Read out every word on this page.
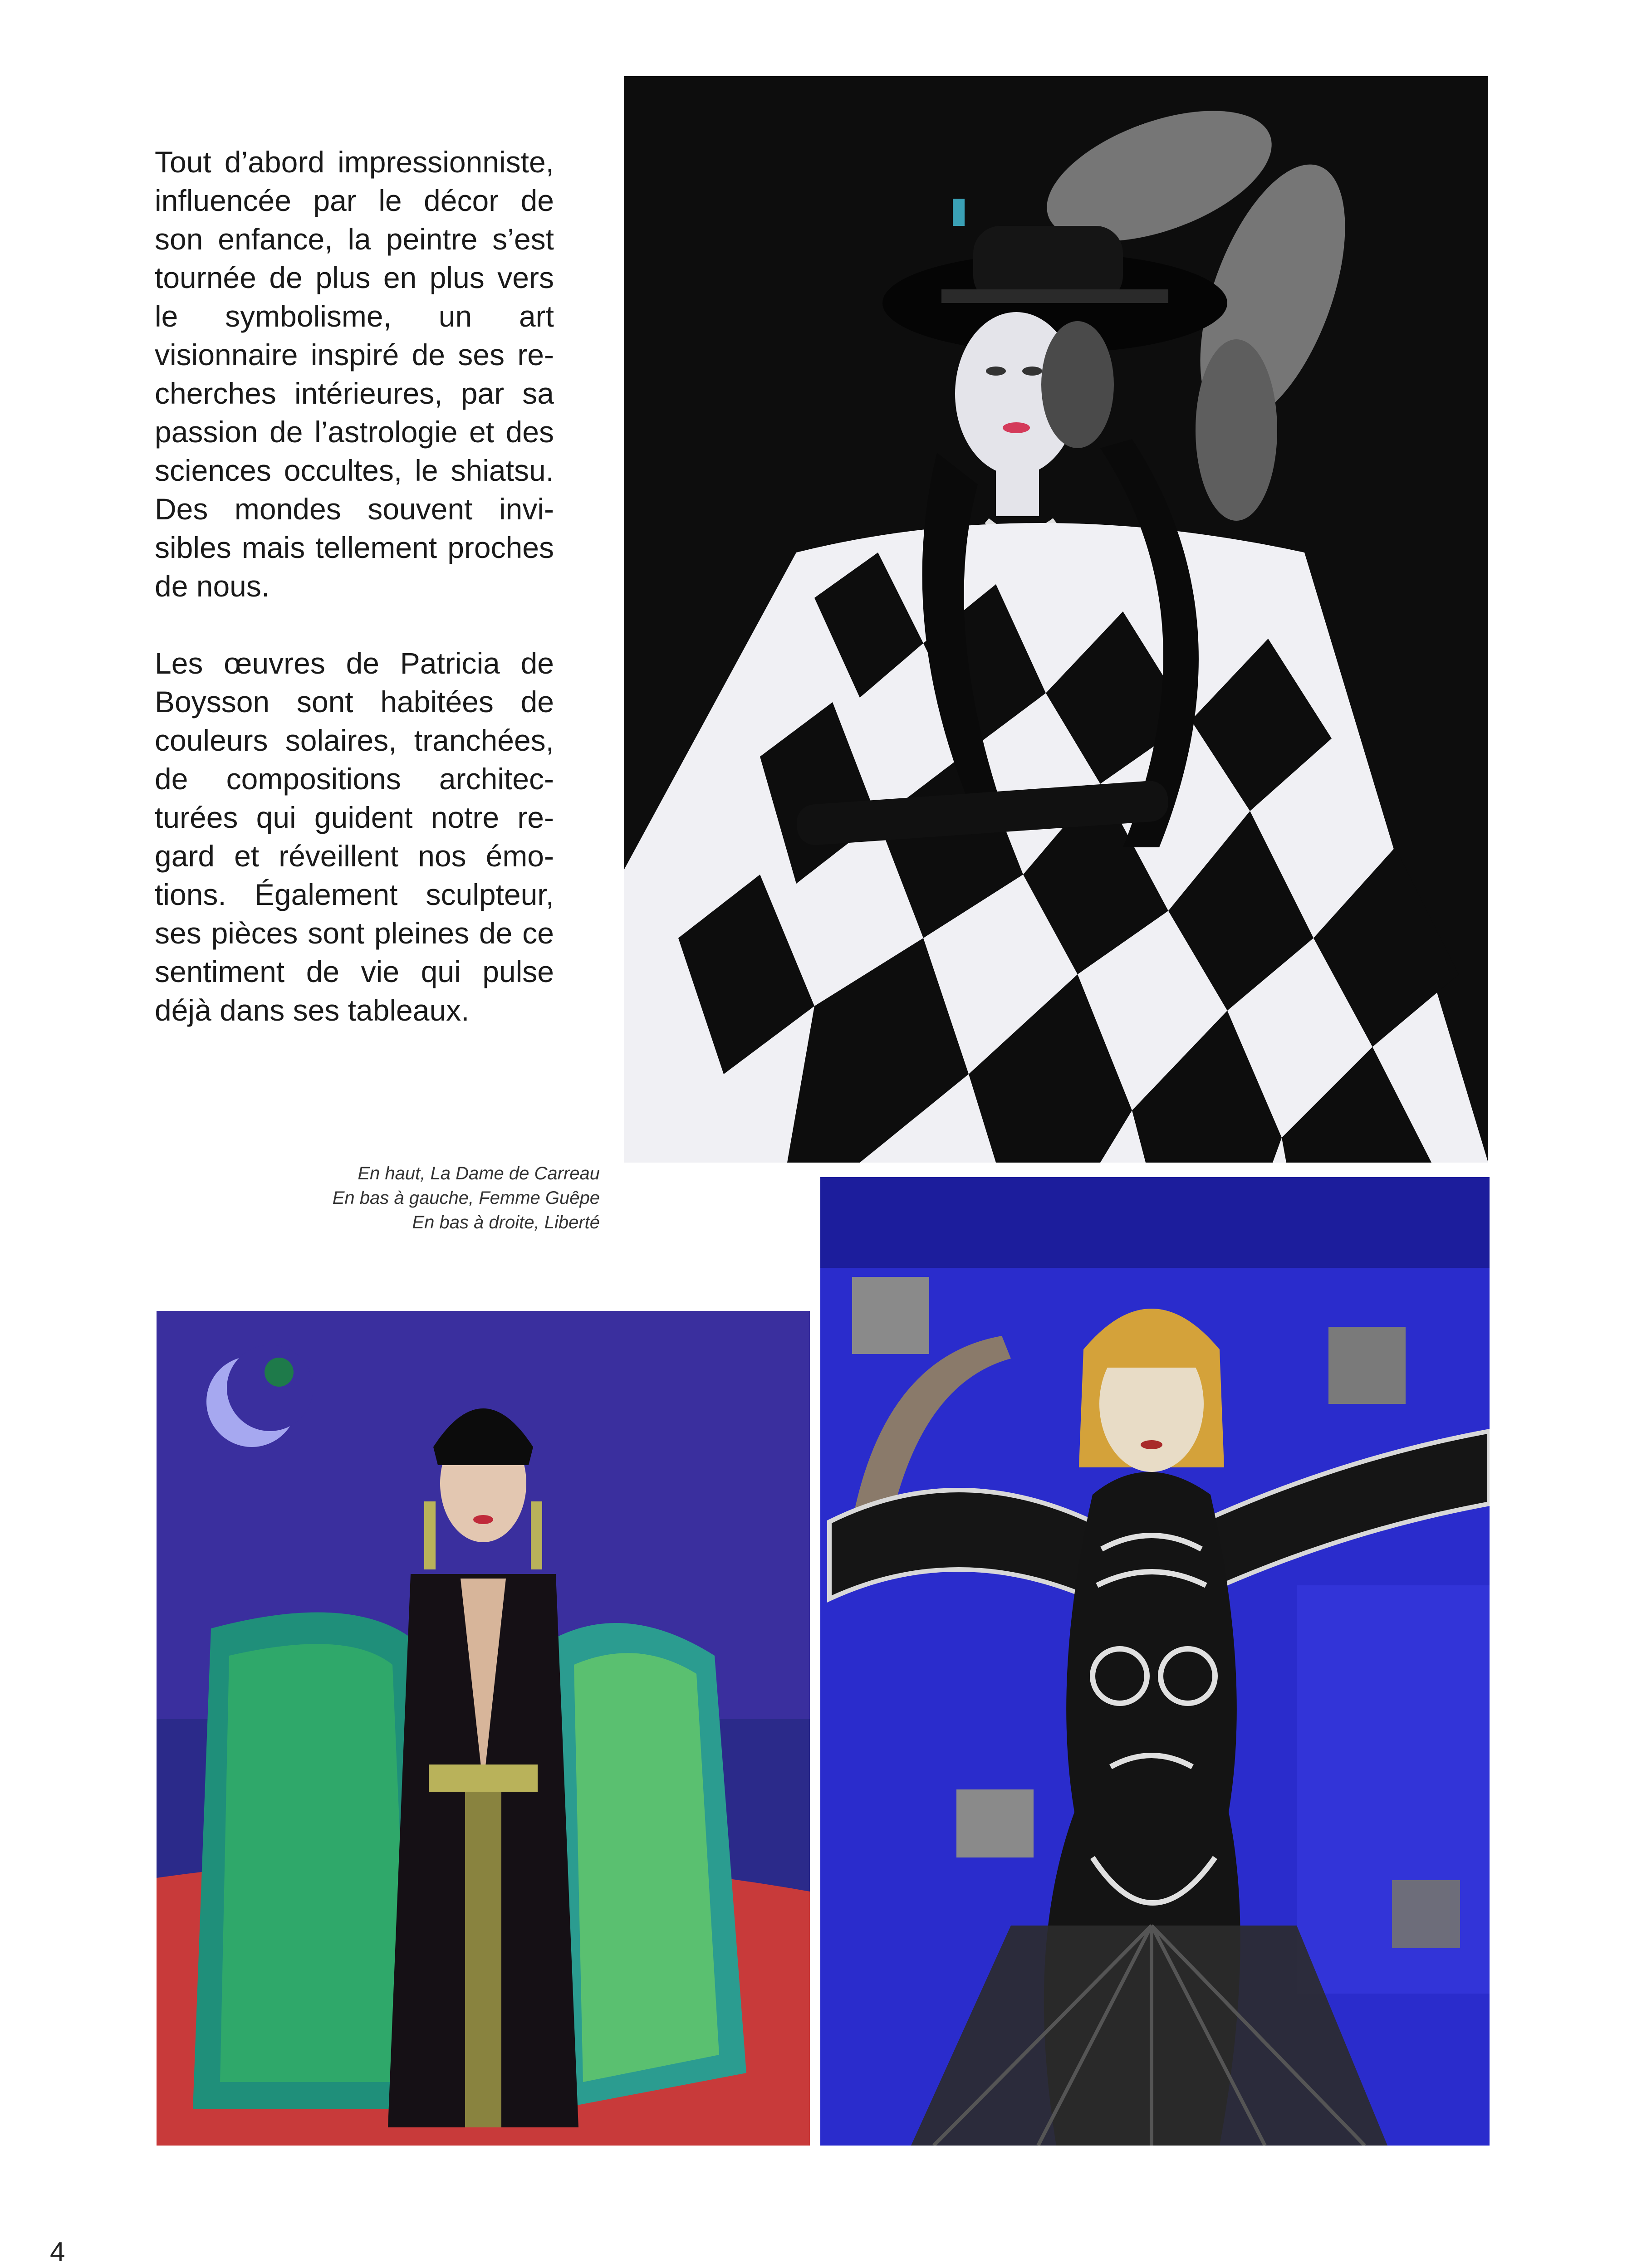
Tout d’abord impressionniste, influencée par le décor de son enfance, la peintre s’est tournée de plus en plus vers le symbolisme, un art visionnaire inspiré de ses recherches intérieures, par sa passion de l’astrologie et des sciences occultes, le shiatsu. Des mondes souvent invisibles mais tellement proches de nous.

Les œuvres de Patricia de Boysson sont habitées de couleurs solaires, tranchées, de compositions architecturées qui guident notre regard et réveillent nos émotions. Également sculpteur, ses pièces sont pleines de ce sentiment de vie qui pulse déjà dans ses tableaux.

En haut, La Dame de Carreau
En bas à gauche, Femme Guêpe
En bas à droite, Liberté
4
